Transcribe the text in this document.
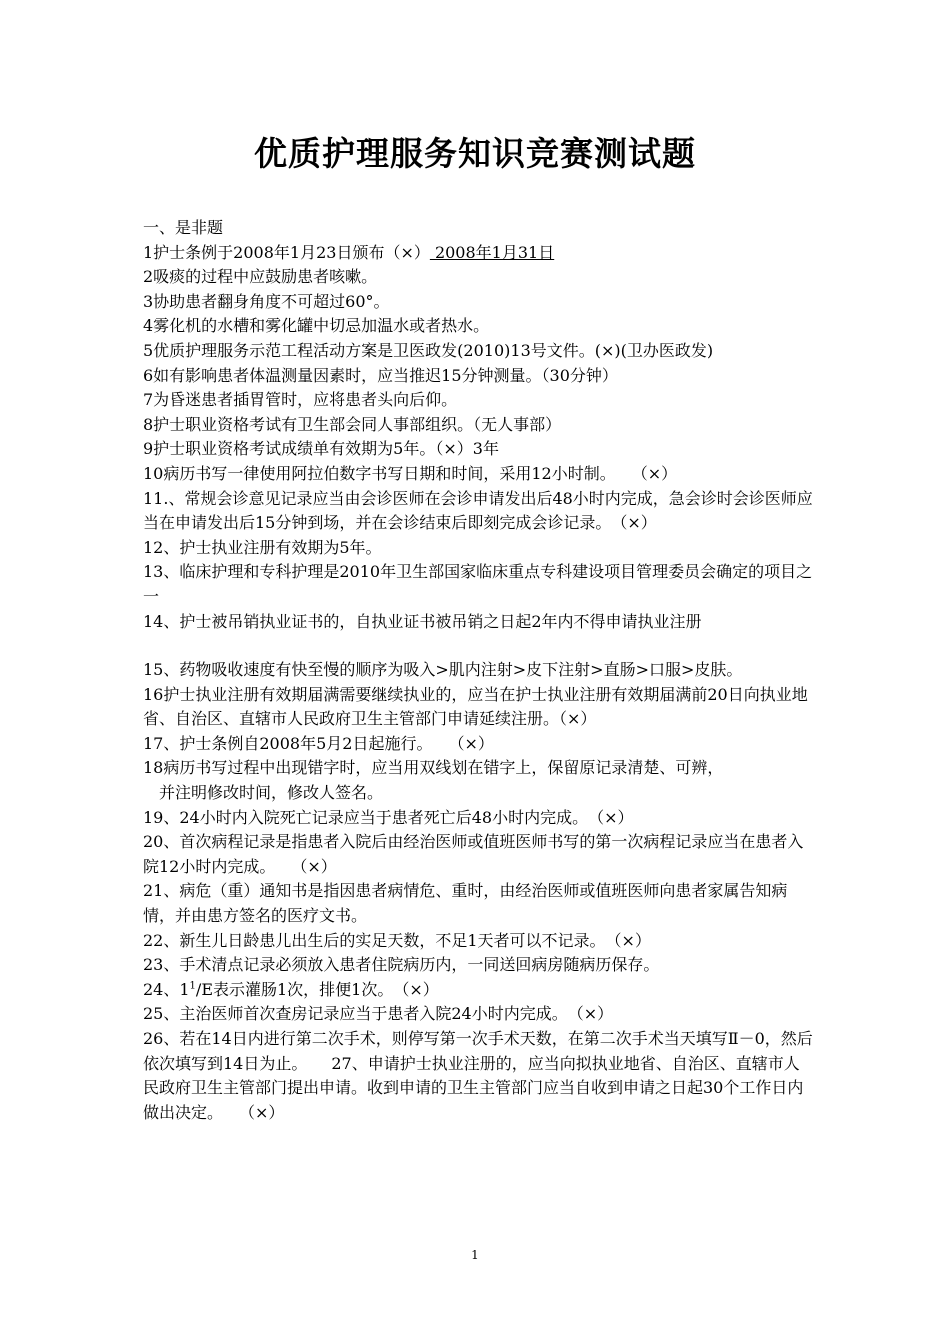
优质护理服务知识竞赛测试题

一、是非题

1护士条例于2008年1月23日颁布（×） 2008年1月31日

2吸痰的过程中应鼓励患者咳嗽。

3协助患者翻身角度不可超过60°。

4雾化机的水槽和雾化罐中切忌加温水或者热水。

5优质护理服务示范工程活动方案是卫医政发(2010)13号文件。(×)(卫办医政发)

6如有影响患者体温测量因素时，应当推迟15分钟测量。（30分钟）

7为昏迷患者插胃管时，应将患者头向后仰。

8护士职业资格考试有卫生部会同人事部组织。（无人事部）

9护士职业资格考试成绩单有效期为5年。（×）3年

10病历书写一律使用阿拉伯数字书写日期和时间，采用12小时制。　　（×）

11.、常规会诊意见记录应当由会诊医师在会诊申请发出后48小时内完成，急会诊时会诊医师应当在申请发出后15分钟到场，并在会诊结束后即刻完成会诊记录。　（×）

12、护士执业注册有效期为5年。

13、临床护理和专科护理是2010年卫生部国家临床重点专科建设项目管理委员会确定的项目之一

14、护士被吊销执业证书的，自执业证书被吊销之日起2年内不得申请执业注册

15、药物吸收速度有快至慢的顺序为吸入>肌内注射>皮下注射>直肠>口服>皮肤。

16护士执业注册有效期届满需要继续执业的，应当在护士执业注册有效期届满前20日向执业地省、自治区、直辖市人民政府卫生主管部门申请延续注册。（×）

17、护士条例自2008年5月2日起施行。　　（×）

18病历书写过程中出现错字时，应当用双线划在错字上，保留原记录清楚、可辨，

并注明修改时间，修改人签名。

19、24小时内入院死亡记录应当于患者死亡后48小时内完成。　（×）

20、首次病程记录是指患者入院后由经治医师或值班医师书写的第一次病程记录应当在患者入院12小时内完成。　　（×）

21、病危（重）通知书是指因患者病情危、重时，由经治医师或值班医师向患者家属告知病情，并由患方签名的医疗文书。

22、新生儿日龄患儿出生后的实足天数，不足1天者可以不记录。　（×）

23、手术清点记录必须放入患者住院病历内，一同送回病房随病历保存。

24、$1^1/E$表示灌肠1次，排便1次。　（×）

25、主治医师首次查房记录应当于患者入院24小时内完成。　（×）

26、若在14日内进行第二次手术，则停写第一次手术天数，在第二次手术当天填写Ⅱ－0，然后依次填写到14日为止。　　27、申请护士执业注册的，应当向拟执业地省、自治区、直辖市人民政府卫生主管部门提出申请。收到申请的卫生主管部门应当自收到申请之日起30个工作日内做出决定。　　（×）

1
